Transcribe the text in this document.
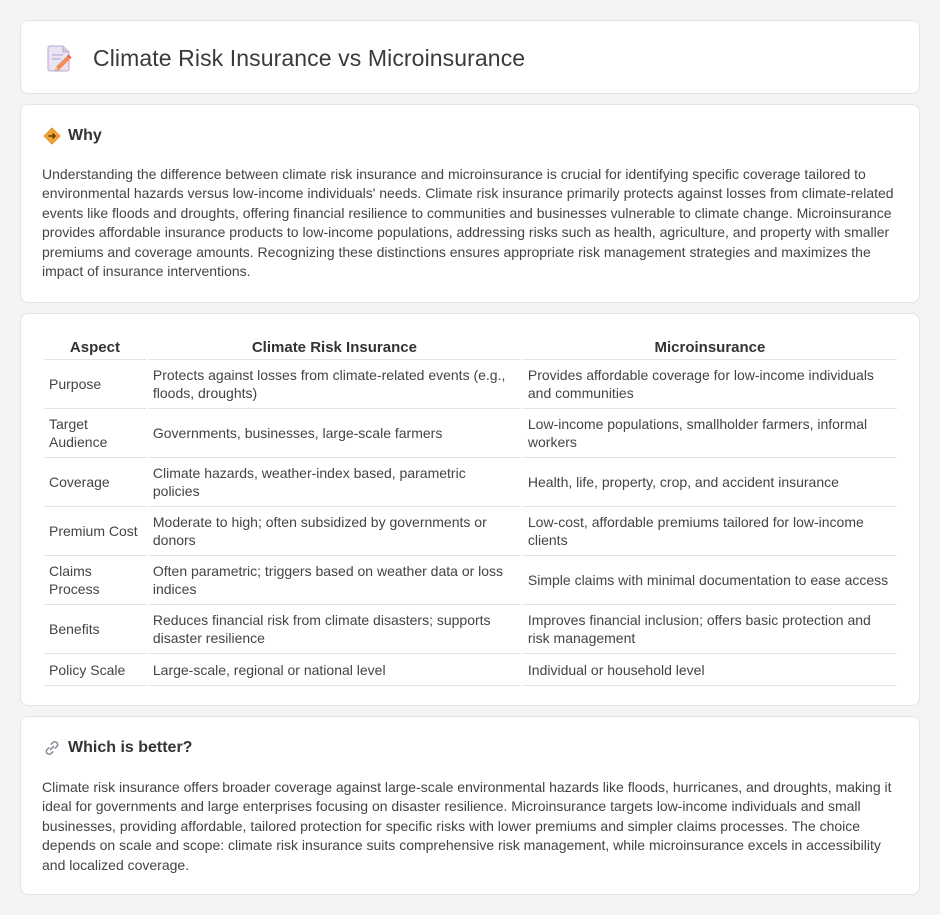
Climate Risk Insurance vs Microinsurance
Why

Understanding the difference between climate risk insurance and microinsurance is crucial for identifying specific coverage tailored to environmental hazards versus low-income individuals' needs. Climate risk insurance primarily protects against losses from climate-related events like floods and droughts, offering financial resilience to communities and businesses vulnerable to climate change. Microinsurance provides affordable insurance products to low-income populations, addressing risks such as health, agriculture, and property with smaller premiums and coverage amounts. Recognizing these distinctions ensures appropriate risk management strategies and maximizes the impact of insurance interventions.

Aspect	Climate Risk Insurance	Microinsurance
Purpose	Protects against losses from climate-related events (e.g., floods, droughts)	Provides affordable coverage for low-income individuals and communities
Target Audience	Governments, businesses, large-scale farmers	Low-income populations, smallholder farmers, informal workers
Coverage	Climate hazards, weather-index based, parametric policies	Health, life, property, crop, and accident insurance
Premium Cost	Moderate to high; often subsidized by governments or donors	Low-cost, affordable premiums tailored for low-income clients
Claims Process	Often parametric; triggers based on weather data or loss indices	Simple claims with minimal documentation to ease access
Benefits	Reduces financial risk from climate disasters; supports disaster resilience	Improves financial inclusion; offers basic protection and risk management
Policy Scale	Large-scale, regional or national level	Individual or household level
Which is better?

Climate risk insurance offers broader coverage against large-scale environmental hazards like floods, hurricanes, and droughts, making it ideal for governments and large enterprises focusing on disaster resilience. Microinsurance targets low-income individuals and small businesses, providing affordable, tailored protection for specific risks with lower premiums and simpler claims processes. The choice depends on scale and scope: climate risk insurance suits comprehensive risk management, while microinsurance excels in accessibility and localized coverage.
